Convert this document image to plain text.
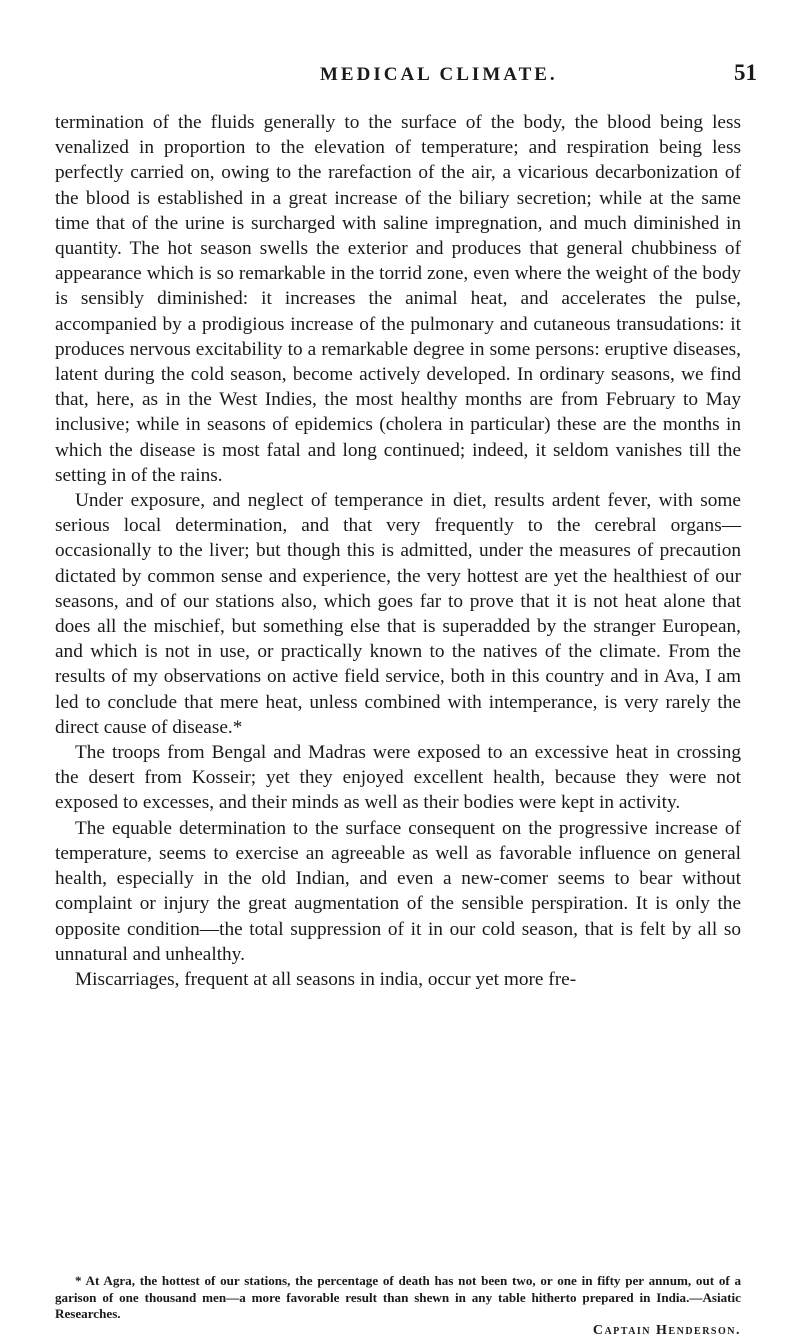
MEDICAL CLIMATE.	51

termination of the fluids generally to the surface of the body, the blood being less venalized in proportion to the elevation of temperature; and respiration being less perfectly carried on, owing to the rarefaction of the air, a vicarious decarbonization of the blood is established in a great increase of the biliary secretion; while at the same time that of the urine is surcharged with saline impregnation, and much diminished in quantity. The hot season swells the exterior and produces that general chubbiness of appearance which is so remarkable in the torrid zone, even where the weight of the body is sensibly diminished: it increases the animal heat, and accelerates the pulse, accompanied by a prodigious increase of the pulmonary and cutaneous transudations: it produces nervous excitability to a remarkable degree in some persons: eruptive diseases, latent during the cold season, become actively developed. In ordinary seasons, we find that, here, as in the West Indies, the most healthy months are from February to May inclusive; while in seasons of epidemics (cholera in particular) these are the months in which the disease is most fatal and long continued; indeed, it seldom vanishes till the setting in of the rains.

Under exposure, and neglect of temperance in diet, results ardent fever, with some serious local determination, and that very frequently to the cerebral organs—occasionally to the liver; but though this is admitted, under the measures of precaution dictated by common sense and experience, the very hottest are yet the healthiest of our seasons, and of our stations also, which goes far to prove that it is not heat alone that does all the mischief, but something else that is superadded by the stranger European, and which is not in use, or practically known to the natives of the climate. From the results of my observations on active field service, both in this country and in Ava, I am led to conclude that mere heat, unless combined with intemperance, is very rarely the direct cause of disease.*

The troops from Bengal and Madras were exposed to an excessive heat in crossing the desert from Kosseir; yet they enjoyed excellent health, because they were not exposed to excesses, and their minds as well as their bodies were kept in activity.

The equable determination to the surface consequent on the progressive increase of temperature, seems to exercise an agreeable as well as favorable influence on general health, especially in the old Indian, and even a new-comer seems to bear without complaint or injury the great augmentation of the sensible perspiration. It is only the opposite condition—the total suppression of it in our cold season, that is felt by all so unnatural and unhealthy.

Miscarriages, frequent at all seasons in india, occur yet more fre-

* At Agra, the hottest of our stations, the percentage of death has not been two, or one in fifty per annum, out of a garison of one thousand men—a more favorable result than shewn in any table hitherto prepared in India.—Asiatic Researches.

Captain Henderson.
